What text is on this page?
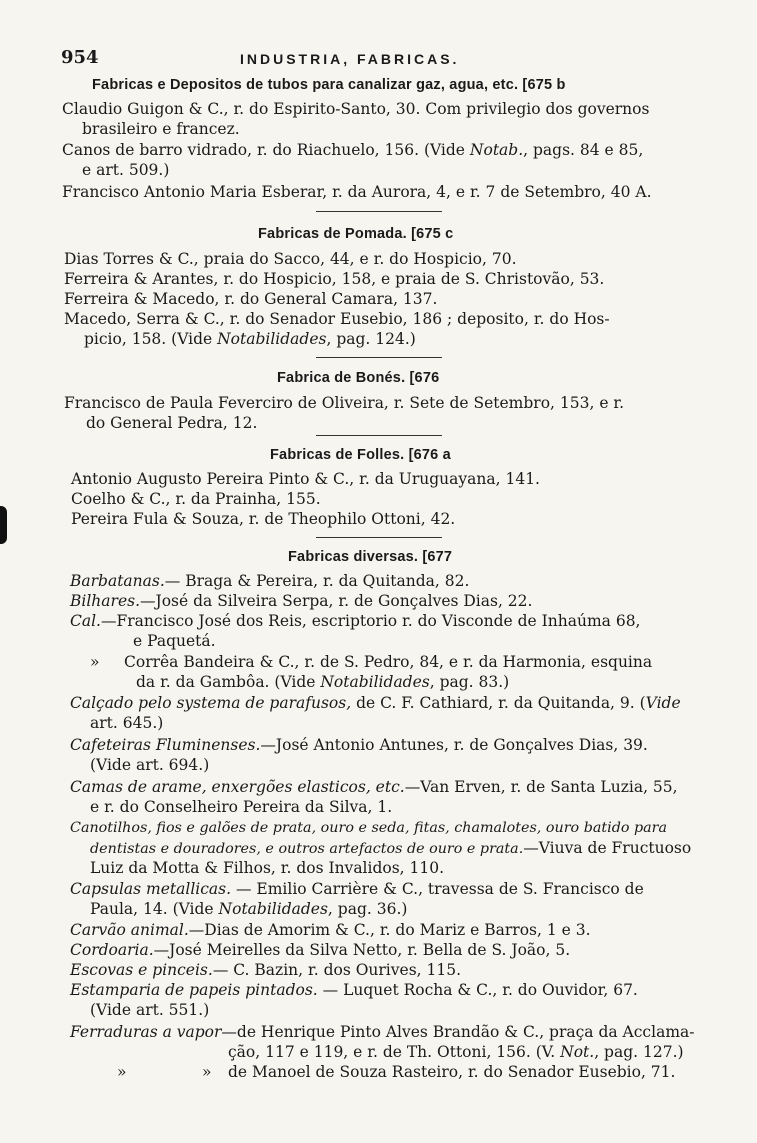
954	INDUSTRIA, FABRICAS.
Fabricas e Depositos de tubos para canalizar gaz, agua, etc. [675 b
Claudio Guigon & C., r. do Espirito-Santo, 30. Com privilegio dos governos
brasileiro e francez.
Canos de barro vidrado, r. do Riachuelo, 156. (Vide Notab., pags. 84 e 85,
e art. 509.)
Francisco Antonio Maria Esberar, r. da Aurora, 4, e r. 7 de Setembro, 40 A.
Fabricas de Pomada. [675 c
Dias Torres & C., praia do Sacco, 44, e r. do Hospicio, 70.
Ferreira & Arantes, r. do Hospicio, 158, e praia de S. Christovão, 53.
Ferreira & Macedo, r. do General Camara, 137.
Macedo, Serra & C., r. do Senador Eusebio, 186 ; deposito, r. do Hos-
picio, 158. (Vide Notabilidades, pag. 124.)
Fabrica de Bonés. [676
Francisco de Paula Feverciro de Oliveira, r. Sete de Setembro, 153, e r.
do General Pedra, 12.
Fabricas de Folles. [676 a
Antonio Augusto Pereira Pinto & C., r. da Uruguayana, 141.
Coelho & C., r. da Prainha, 155.
Pereira Fula & Souza, r. de Theophilo Ottoni, 42.
Fabricas diversas. [677
Barbatanas.— Braga & Pereira, r. da Quitanda, 82.
Bilhares.—José da Silveira Serpa, r. de Gonçalves Dias, 22.
Cal.—Francisco José dos Reis, escriptorio r. do Visconde de Inhaúma 68,
e Paquetá.
» Corrêa Bandeira & C., r. de S. Pedro, 84, e r. da Harmonia, esquina
da r. da Gambôa. (Vide Notabilidades, pag. 83.)
Calçado pelo systema de parafusos, de C. F. Cathiard, r. da Quitanda, 9. (Vide
art. 645.)
Cafeteiras Fluminenses.—José Antonio Antunes, r. de Gonçalves Dias, 39.
(Vide art. 694.)
Camas de arame, enxergões elasticos, etc.—Van Erven, r. de Santa Luzia, 55,
e r. do Conselheiro Pereira da Silva, 1.
Canotilhos, fios e galões de prata, ouro e seda, fitas, chamalotes, ouro batido para
dentistas e douradores, e outros artefactos de ouro e prata.—Viuva de Fructuoso
Luiz da Motta & Filhos, r. dos Invalidos, 110.
Capsulas metallicas. — Emilio Carrière & C., travessa de S. Francisco de
Paula, 14. (Vide Notabilidades, pag. 36.)
Carvão animal.—Dias de Amorim & C., r. do Mariz e Barros, 1 e 3.
Cordoaria.—José Meirelles da Silva Netto, r. Bella de S. João, 5.
Escovas e pinceis.— C. Bazin, r. dos Ourives, 115.
Estamparia de papeis pintados. — Luquet Rocha & C., r. do Ouvidor, 67.
(Vide art. 551.)
Ferraduras a vapor—de Henrique Pinto Alves Brandão & C., praça da Acclama-
ção, 117 e 119, e r. de Th. Ottoni, 156. (V. Not., pag. 127.)
»	» de Manoel de Souza Rasteiro, r. do Senador Eusebio, 71.
